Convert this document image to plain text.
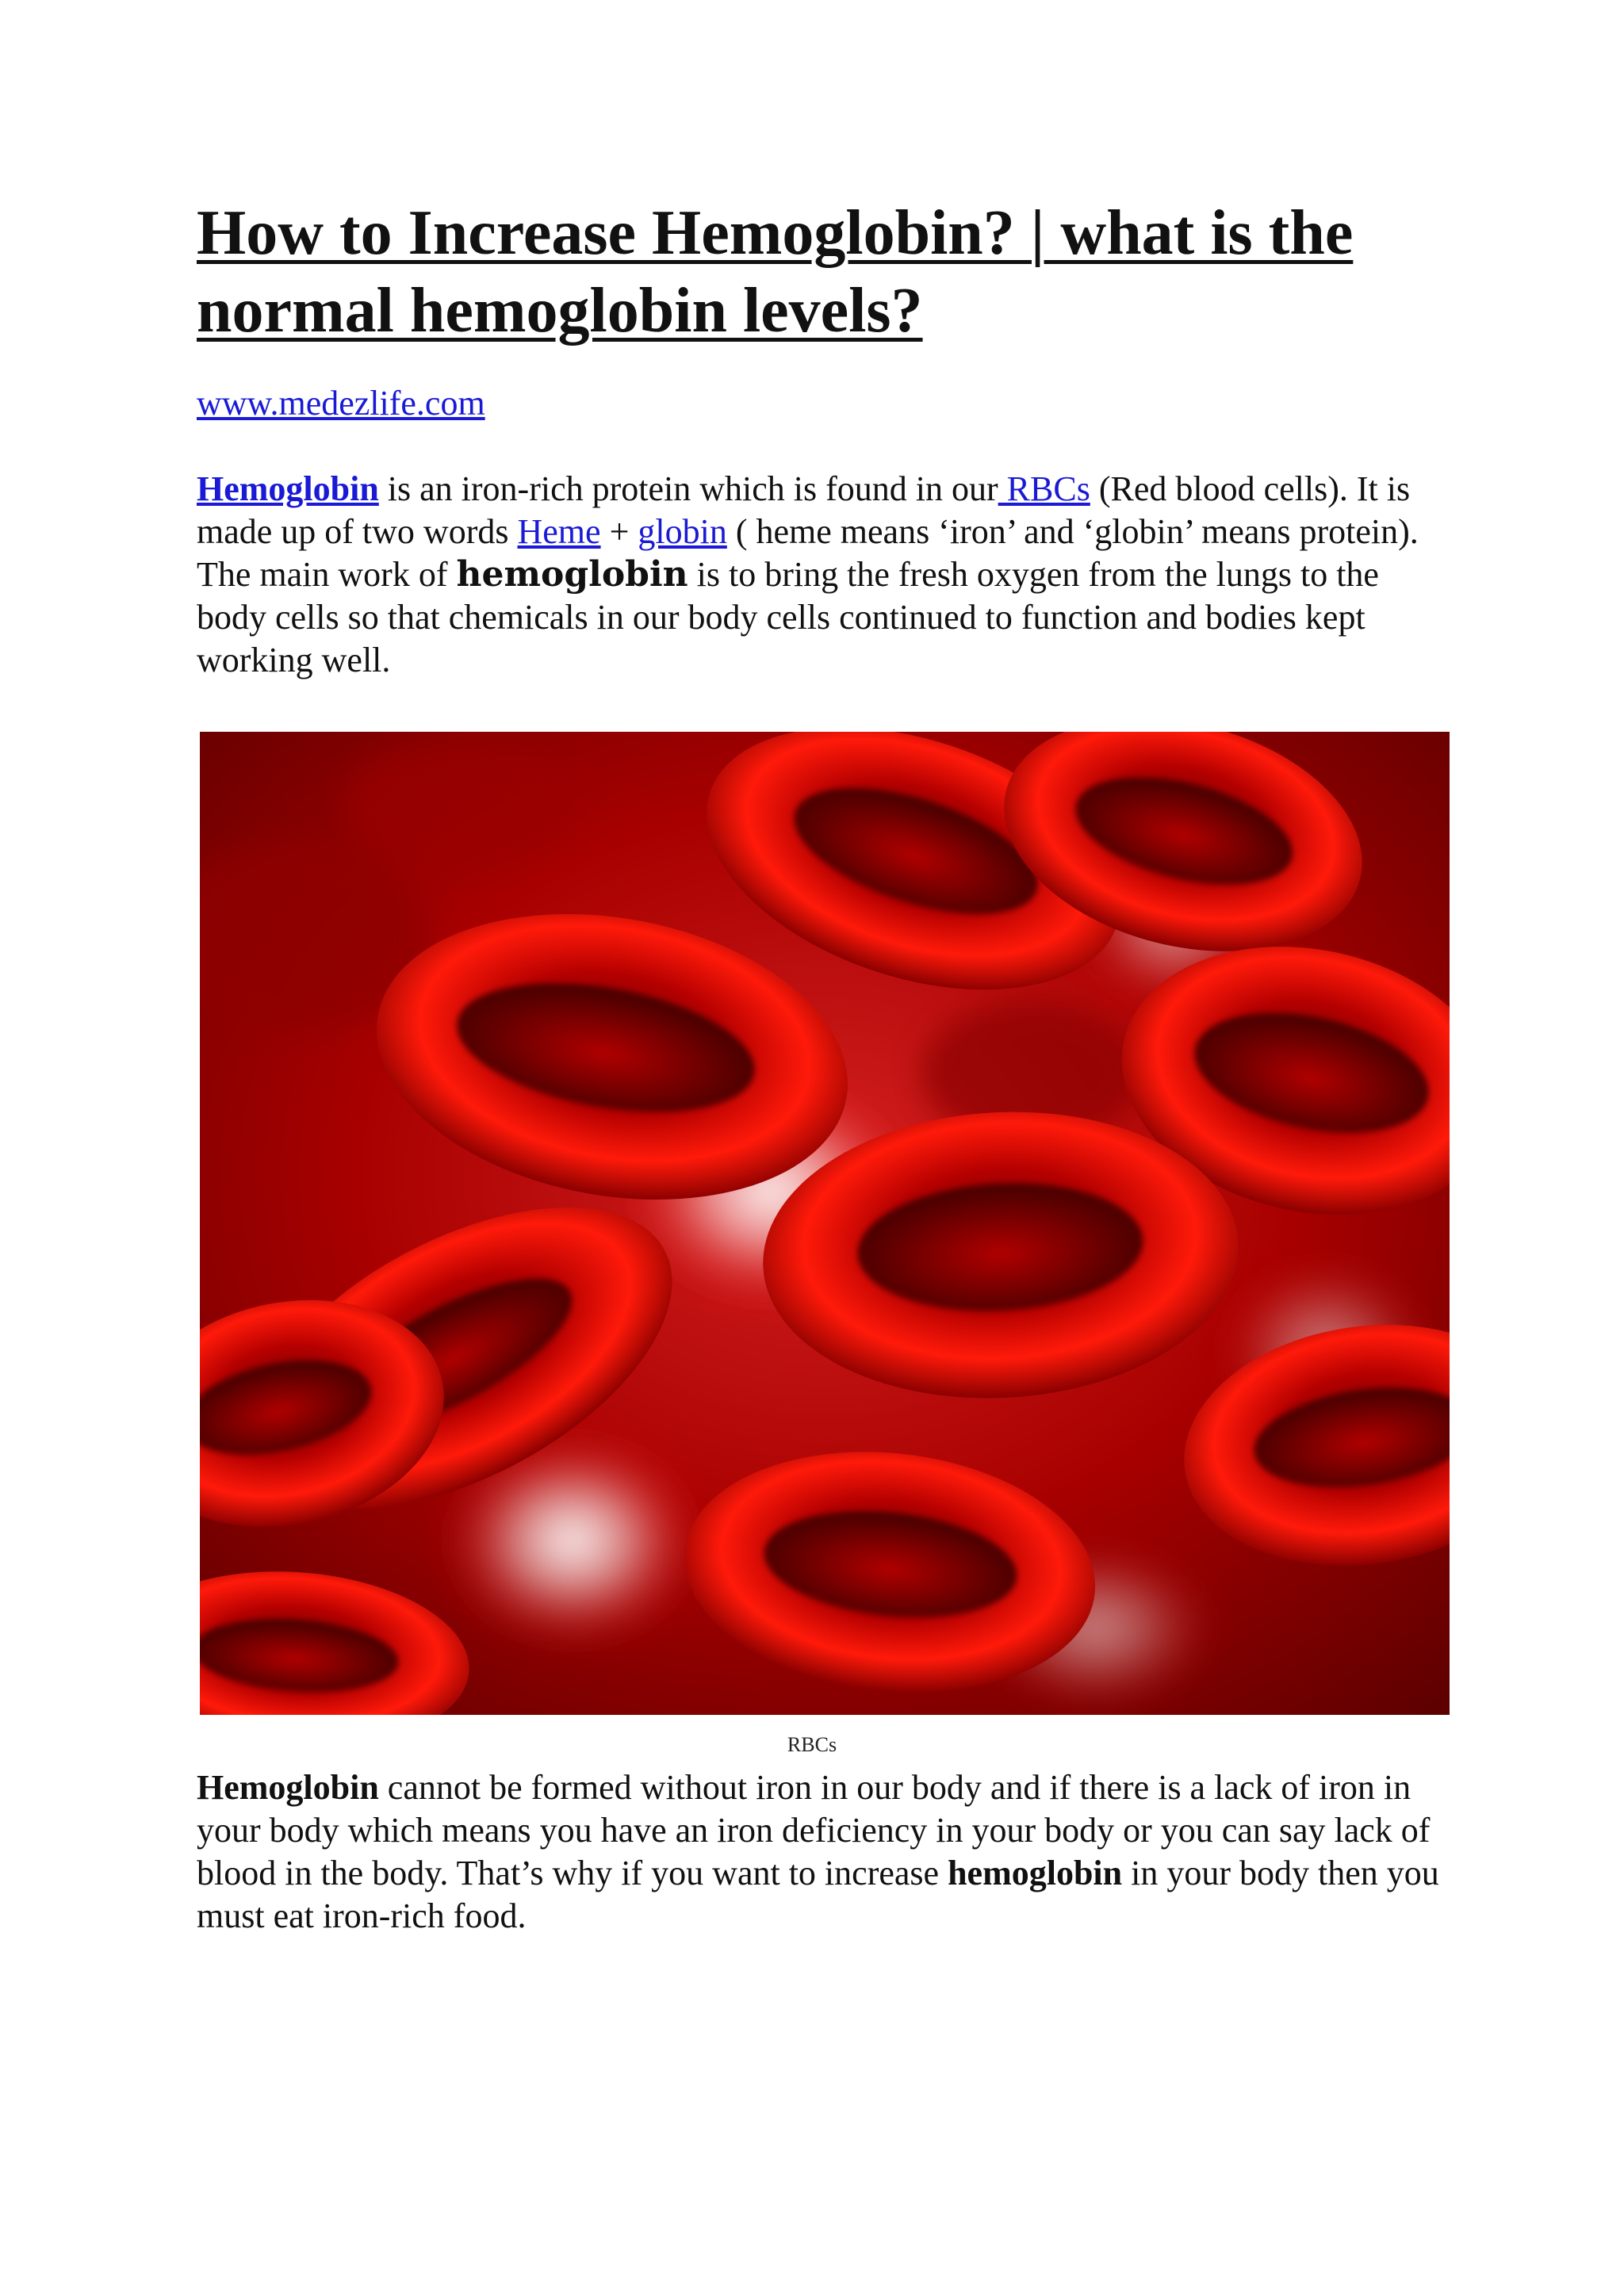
How to Increase Hemoglobin? | what is the normal hemoglobin levels?
www.medezlife.com

Hemoglobin is an iron-rich protein which is found in our RBCs (Red blood cells). It is made up of two words Heme + globin ( heme means ‘iron’ and ‘globin’ means protein). The main work of hemoglobin is to bring the fresh oxygen from the lungs to the body cells so that chemicals in our body cells continued to function and bodies kept working well.

Hemoglobin cannot be formed without iron in our body and if there is a lack of iron in your body which means you have an iron deficiency in your body or you can say lack of blood in the body. That’s why if you want to increase hemoglobin in your body then you must eat iron-rich food.

RBCs
